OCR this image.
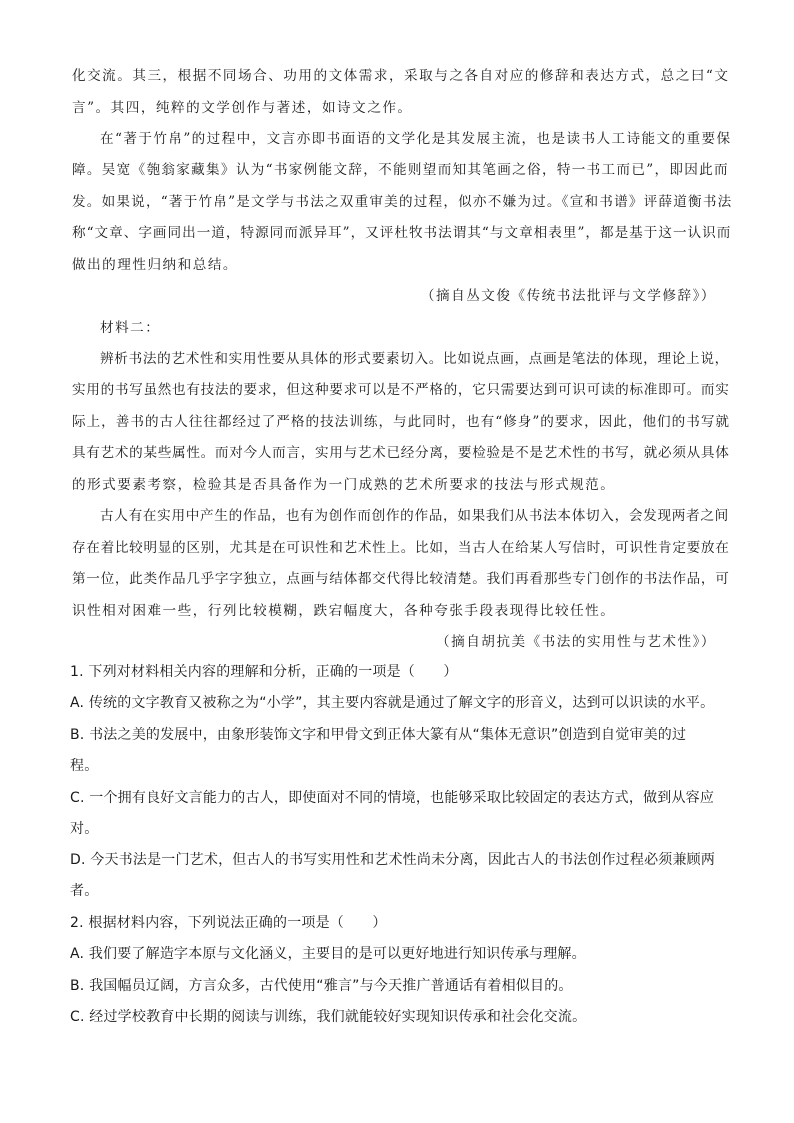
化交流。其三，根据不同场合、功用的文体需求，采取与之各自对应的修辞和表达方式，总之曰“文
言”。其四，纯粹的文学创作与著述，如诗文之作。
在“著于竹帛”的过程中，文言亦即书面语的文学化是其发展主流，也是读书人工诗能文的重要保
障。吴宽《匏翁家藏集》认为“书家例能文辞，不能则望而知其笔画之俗，特一书工而已”，即因此而
发。如果说，“著于竹帛”是文学与书法之双重审美的过程，似亦不嫌为过。《宣和书谱》评薛道衡书法
称“文章、字画同出一道，特源同而派异耳”，又评杜牧书法谓其“与文章相表里”，都是基于这一认识而
做出的理性归纳和总结。
（摘自丛文俊《传统书法批评与文学修辞》）
材料二：
辨析书法的艺术性和实用性要从具体的形式要素切入。比如说点画，点画是笔法的体现，理论上说，
实用的书写虽然也有技法的要求，但这种要求可以是不严格的，它只需要达到可识可读的标准即可。而实
际上，善书的古人往往都经过了严格的技法训练，与此同时，也有“修身”的要求，因此，他们的书写就
具有艺术的某些属性。而对今人而言，实用与艺术已经分离，要检验是不是艺术性的书写，就必须从具体
的形式要素考察，检验其是否具备作为一门成熟的艺术所要求的技法与形式规范。
古人有在实用中产生的作品，也有为创作而创作的作品，如果我们从书法本体切入，会发现两者之间
存在着比较明显的区别，尤其是在可识性和艺术性上。比如，当古人在给某人写信时，可识性肯定要放在
第一位，此类作品几乎字字独立，点画与结体都交代得比较清楚。我们再看那些专门创作的书法作品，可
识性相对困难一些，行列比较模糊，跌宕幅度大，各种夸张手段表现得比较任性。
（摘自胡抗美《书法的实用性与艺术性》）
1. 下列对材料相关内容的理解和分析，正确的一项是（　　）
A. 传统的文字教育又被称之为“小学”，其主要内容就是通过了解文字的形音义，达到可以识读的水平。
B. 书法之美的发展中，由象形装饰文字和甲骨文到正体大篆有从“集体无意识”创造到自觉审美的过
程。
C. 一个拥有良好文言能力的古人，即使面对不同的情境，也能够采取比较固定的表达方式，做到从容应
对。
D. 今天书法是一门艺术，但古人的书写实用性和艺术性尚未分离，因此古人的书法创作过程必须兼顾两
者。
2. 根据材料内容，下列说法正确的一项是（　　）
A. 我们要了解造字本原与文化涵义，主要目的是可以更好地进行知识传承与理解。
B. 我国幅员辽阔，方言众多，古代使用“雅言”与今天推广普通话有着相似目的。
C. 经过学校教育中长期的阅读与训练，我们就能较好实现知识传承和社会化交流。
